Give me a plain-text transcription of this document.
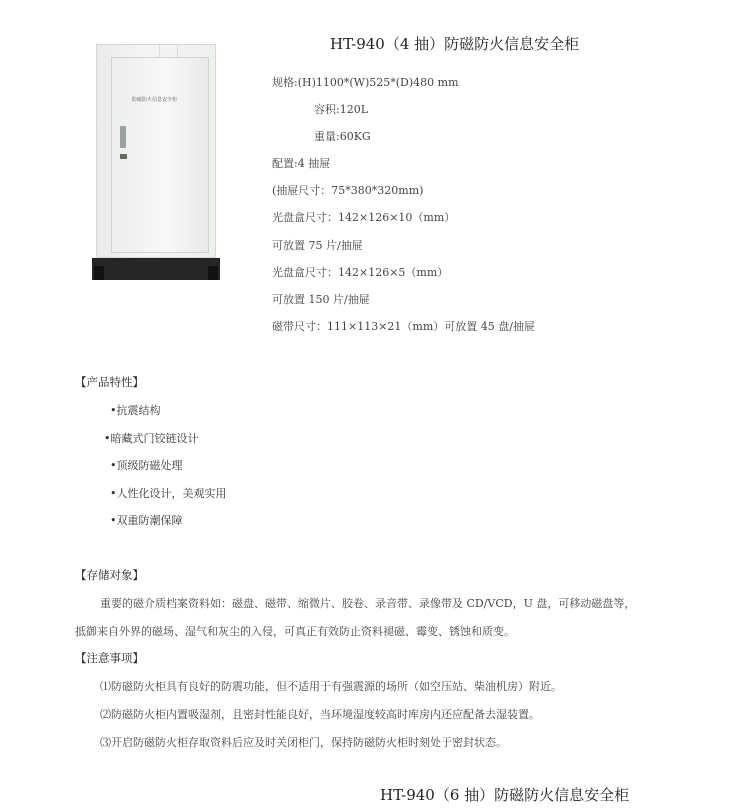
防磁防火信息安全柜
HT-940（4 抽）防磁防火信息安全柜
规格:(H)1100*(W)525*(D)480 mm
容积:120L
重量:60KG
配置:4 抽屉
(抽屉尺寸：75*380*320mm)
光盘盒尺寸：142×126×10（mm）
可放置 75 片/抽屉
光盘盒尺寸：142×126×5（mm）
可放置 150 片/抽屉
磁带尺寸：111×113×21（mm）可放置 45 盘/抽屉
【产品特性】
•抗震结构
•暗藏式门铰链设计
•顶级防磁处理
•人性化设计，美观实用
•双重防潮保障
【存储对象】
重要的磁介质档案资料如：磁盘、磁带、缩微片、胶卷、录音带、录像带及 CD/VCD，U 盘，可移动磁盘等，
抵御来自外界的磁场、湿气和灰尘的入侵，可真正有效防止资料褪磁、霉变、锈蚀和质变。
【注意事项】
⑴防磁防火柜具有良好的防震功能，但不适用于有强震源的场所（如空压站、柴油机房）附近。
⑵防磁防火柜内置吸湿剂，且密封性能良好，当环境湿度较高时库房内还应配备去湿装置。
⑶开启防磁防火柜存取资料后应及时关闭柜门，保持防磁防火柜时刻处于密封状态。
HT-940（6 抽）防磁防火信息安全柜
